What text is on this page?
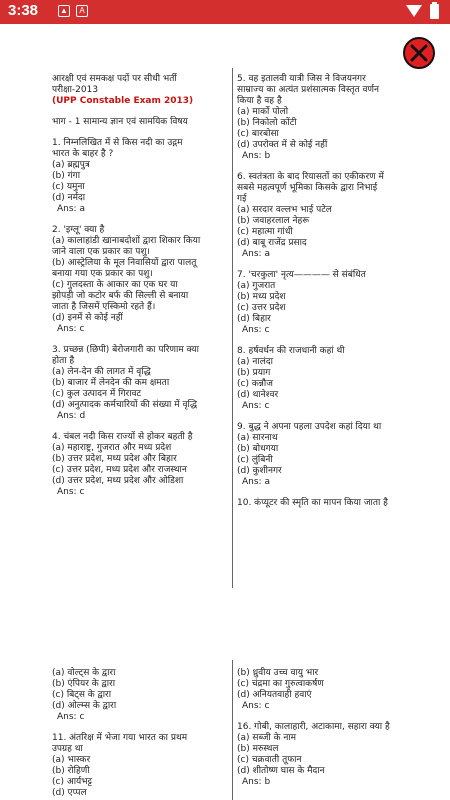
3:38	▲	A
आरक्षी एवं समकक्ष पदों पर सीधी भर्ती
परीक्षा-2013
(UPP Constable Exam 2013)
भाग - 1 सामान्य ज्ञान एवं सामयिक विषय
1. निम्नलिखित में से किस नदी का उद्गम
भारत के बाहर है ?
(a) ब्रह्मपुत्र
(b) गंगा
(c) यमुना
(d) नर्मदा
Ans: a
2. 'इग्लू' क्या है
(a) कालाहांडी खानाबदोशों द्वारा शिकार किया
जाने वाला एक प्रकार का पशु।
(b) आस्ट्रेलिया के मूल निवासियों द्वारा पालतू
बनाया गया एक प्रकार का पशु।
(c) गुलदस्ता के आकार का एक घर या
झोपड़ी जो कटोर बर्फ की सिल्ली से बनाया
जाता है जिसमें एस्किमो रहते हैं।
(d) इनमें से कोई नहीं
Ans: c
3. प्रच्छन्न (छिपी) बेरोजगारी का परिणाम क्या
होता है
(a) लेन-देन की लागत में वृद्धि
(b) बाजार में लेनदेन की कम क्षमता
(c) कुल उत्पादन में गिरावट
(d) अनुत्पादक कर्मचारियों की संख्या में वृद्धि
Ans: d
4. चंबल नदी किस राज्यों से होकर बहती है
(a) महाराष्ट्र, गुजरात और मध्य प्रदेश
(b) उत्तर प्रदेश, मध्य प्रदेश और बिहार
(c) उत्तर प्रदेश, मध्य प्रदेश और राजस्थान
(d) उत्तर प्रदेश, मध्य प्रदेश और ओडिशा
Ans: c
5. वह इतालवी यात्री जिस ने विजयनगर
साम्राज्य का अत्यंत प्रशंसात्मक विस्तृत वर्णन
किया है वह है
(a) मार्को पोलो
(b) निकोलो कोंटी
(c) बारबोसा
(d) उपरोक्त में से कोई नहीं
Ans: b
6. स्वतंत्रता के बाद रियासतों का एकीकरण में
सबसे महत्वपूर्ण भूमिका किसके द्वारा निभाई
गई
(a) सरदार वल्लभ भाई पटेल
(b) जवाहरलाल नेहरू
(c) महात्मा गांधी
(d) बाबू राजेंद्र प्रसाद
Ans: a
7. 'चरकुला' नृत्य———— से संबंधित
(a) गुजरात
(b) मध्य प्रदेश
(c) उत्तर प्रदेश
(d) बिहार
Ans: c
8. हर्षवर्धन की राजधानी कहां थी
(a) नालंदा
(b) प्रयाग
(c) कन्नौज
(d) थानेश्वर
Ans: c
9. बुद्ध ने अपना पहला उपदेश कहां दिया था
(a) सारनाथ
(b) बोधगया
(c) लुंबिनी
(d) कुशीनगर
Ans: a
10. कंप्यूटर की स्मृति का मापन किया जाता है
(a) वोल्ट्स के द्वारा
(b) एंपियर के द्वारा
(c) बिट्स के द्वारा
(d) ओल्म्स के द्वारा
Ans: c
11. अंतरिक्ष में भेजा गया भारत का प्रथम
उपग्रह था
(a) भास्कर
(b) रोहिणी
(c) आर्यभट्ट
(d) एप्पल
(b) ध्रुवीय उच्च वायु भार
(c) चंद्रमा का गुरुत्वाकर्षण
(d) अनियतवाही हवाएं
Ans: c
16. गोबी, कालाहारी, अटाकामा, सहारा क्या है
(a) सब्जी के नाम
(b) मरुस्थल
(c) चक्रवाती तूफान
(d) शीतोष्ण घास के मैदान
Ans: b
